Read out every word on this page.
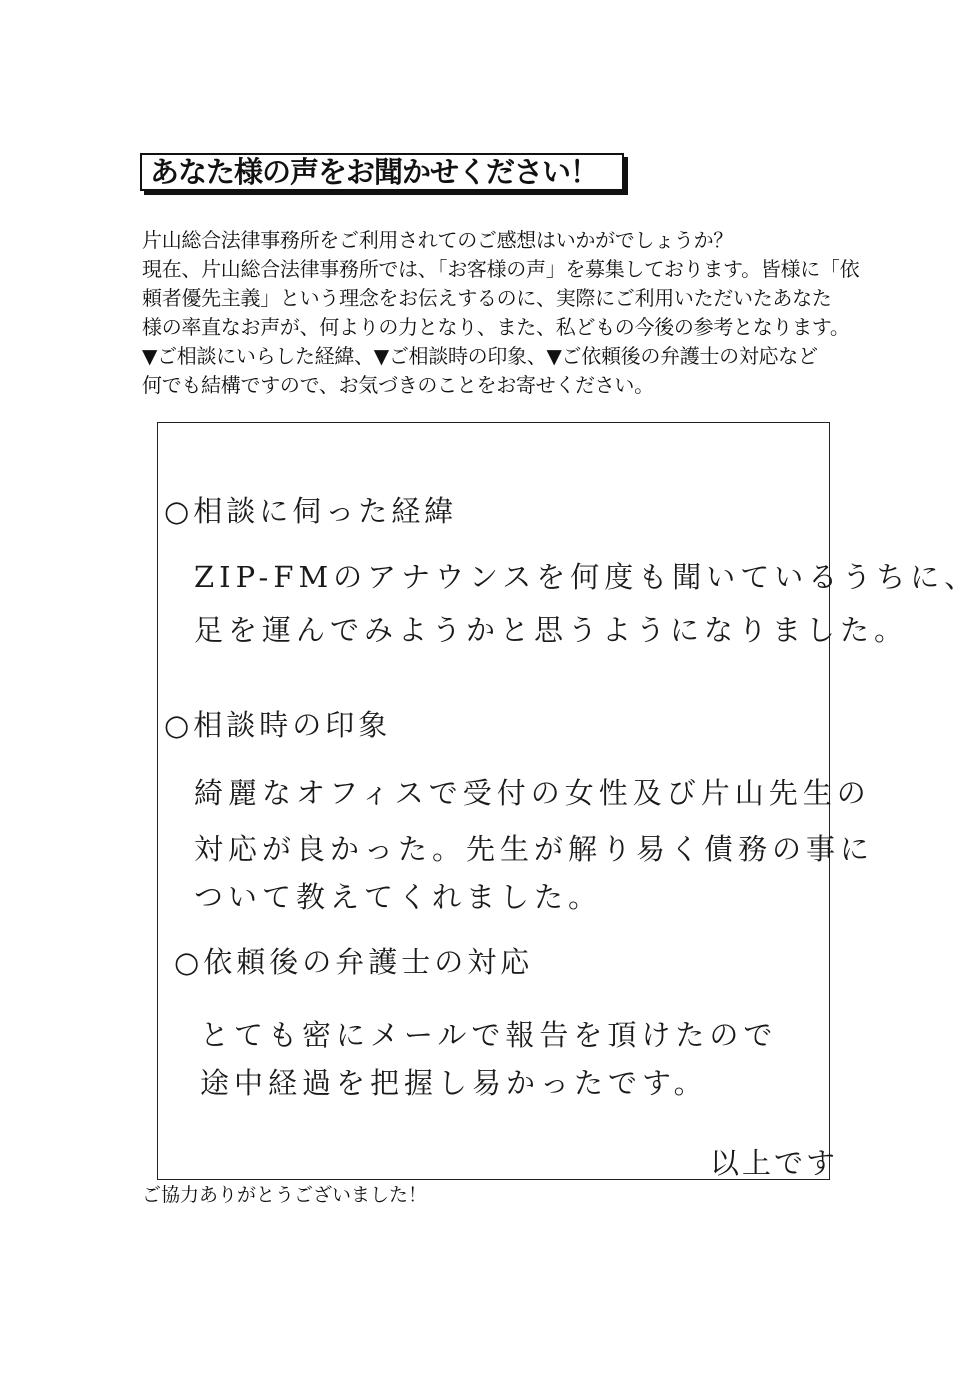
あなた様の声をお聞かせください！

片山総合法律事務所をご利用されてのご感想はいかがでしょうか？
現在、片山総合法律事務所では、「お客様の声」を募集しております。皆様に「依
頼者優先主義」という理念をお伝えするのに、実際にご利用いただいたあなた
様の率直なお声が、何よりの力となり、また、私どもの今後の参考となります。
▼ご相談にいらした経緯、▼ご相談時の印象、▼ご依頼後の弁護士の対応など
何でも結構ですので、お気づきのことをお寄せください。

○相談に伺った経緯
ZIP-FMのアナウンスを何度も聞いているうちに、
足を運んでみようかと思うようになりました。
○相談時の印象
綺麗なオフィスで受付の女性及び片山先生の
対応が良かった。先生が解り易く債務の事に
ついて教えてくれました。
○依頼後の弁護士の対応
とても密にメールで報告を頂けたので
途中経過を把握し易かったです。
以上です
ご協力ありがとうございました！
